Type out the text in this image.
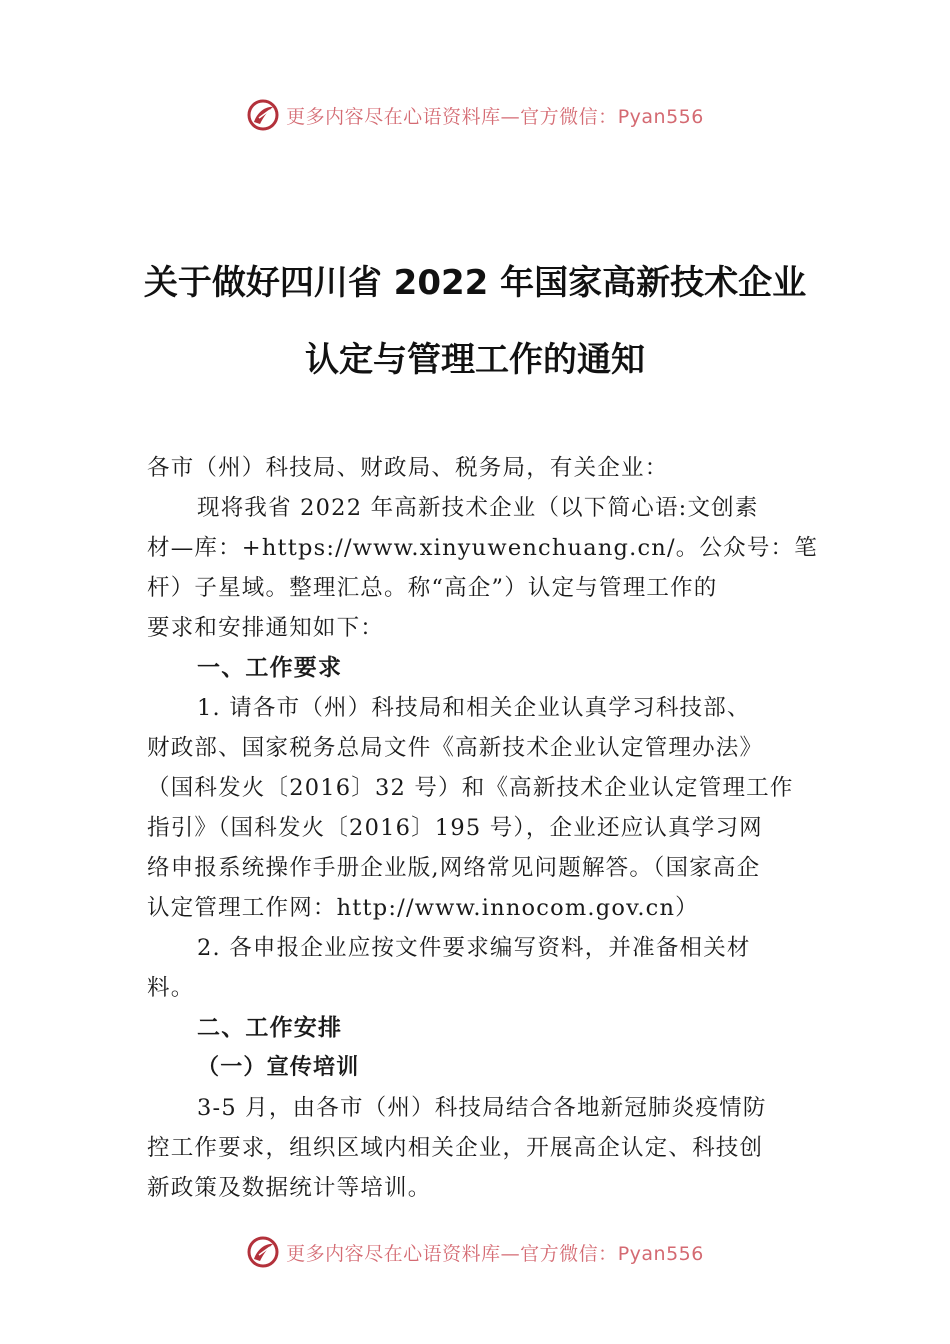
更多内容尽在心语资料库—官方微信：Pyan556
关于做好四川省 2022 年国家高新技术企业
认定与管理工作的通知
各市（州）科技局、财政局、税务局，有关企业：
现将我省 2022 年高新技术企业（以下简心语:文创素
材—库：+https://www.xinyuwenchuang.cn/。公众号：笔
杆）子星域。整理汇总。称“高企”）认定与管理工作的
要求和安排通知如下：
一、工作要求
1. 请各市（州）科技局和相关企业认真学习科技部、
财政部、国家税务总局文件《高新技术企业认定管理办法》
（国科发火〔2016〕32 号）和《高新技术企业认定管理工作
指引》（国科发火〔2016〕195 号），企业还应认真学习网
络申报系统操作手册企业版,网络常见问题解答。（国家高企
认定管理工作网：http://www.innocom.gov.cn）
2. 各申报企业应按文件要求编写资料，并准备相关材
料。
二、工作安排
（一）宣传培训
3-5 月，由各市（州）科技局结合各地新冠肺炎疫情防
控工作要求，组织区域内相关企业，开展高企认定、科技创
新政策及数据统计等培训。
更多内容尽在心语资料库—官方微信：Pyan556
